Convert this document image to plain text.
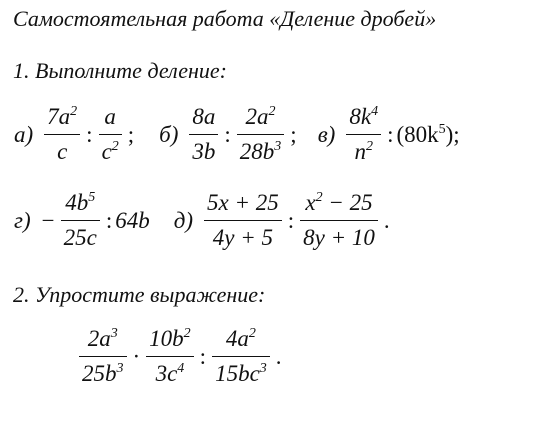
Самостоятельная работа «Деление дробей»
1. Выполните деление:
$а) \frac{7a^2}{c}$ : $\frac{a}{c^2}$ ; $б) \frac{8a}{3b}$ : $\frac{2a^2}{28b^3}$ ; $в) \frac{8k^4}{n^2}$ : $(80k^5)$;
$г) - \frac{4b^5}{25c}$ : 64b $д) \frac{5x + 25}{4y + 5}$ : $\frac{x^2 - 25}{8y + 10}$ .
2. Упростите выражение:
$\frac{2a^3}{25b^3} \cdot \frac{10b^2}{3c^4}$ : $\frac{4a^2}{15bc^3}$ .
